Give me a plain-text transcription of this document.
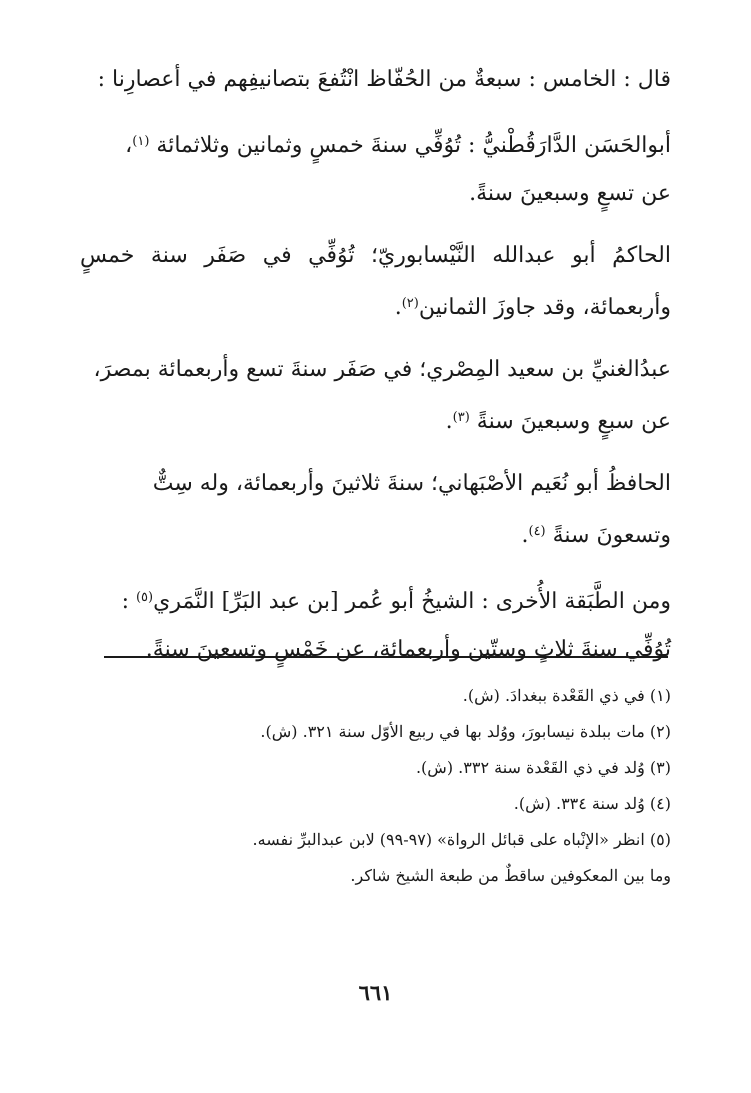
قال : الخامس : سبعةٌ من الحُفّاظ انْتُفعَ بتصانيفِهم في أعصارِنا :

أبوالحَسَن الدَّارَقُطْنيُّ : تُوُفِّي سنةَ خمسٍ وثمانين وثلاثمائة $^{(١)}$،
عن تسعٍ وسبعينَ سنةً.

الحاكمُ أبو عبدالله النَّيْسابوريّ؛ تُوُفِّي في صَفَر سنة خمسٍ
وأربعمائة، وقد جاوزَ الثمانين$^{(٢)}$.

عبدُالغنيِّ بن سعيد المِصْري؛ في صَفَر سنةَ تسع وأربعمائة بمصرَ،
عن سبعٍ وسبعينَ سنةً $^{(٣)}$.

الحافظُ أبو نُعَيم الأصْبَهاني؛ سنةَ ثلاثينَ وأربعمائة، وله سِتٌّ
وتسعونَ سنةً $^{(٤)}$.

ومن الطَّبَقة الأُخرى : الشيخُ أبو عُمر [بن عبد البَرِّ] النَّمَري$^{(٥)}$ :
تُوُفِّي سنةَ ثلاثٍ وستّين وأربعمائة، عن خَمْسٍ وتسعينَ سنةً.

(١) في ذي القَعْدة ببغدادَ. (ش).
(٢) مات ببلدة نيسابورَ، ووُلد بها في ربيع الأوّل سنة ٣٢١. (ش).
(٣) وُلد في ذي القَعْدة سنة ٣٣٢. (ش).
(٤) وُلد سنة ٣٣٤. (ش).
(٥) انظر «الإنْباه على قبائل الرواة» (٩٧-٩٩) لابن عبدالبرِّ نفسه.
وما بين المعكوفين ساقطٌ من طبعة الشيخ شاكر.
٦٦١
